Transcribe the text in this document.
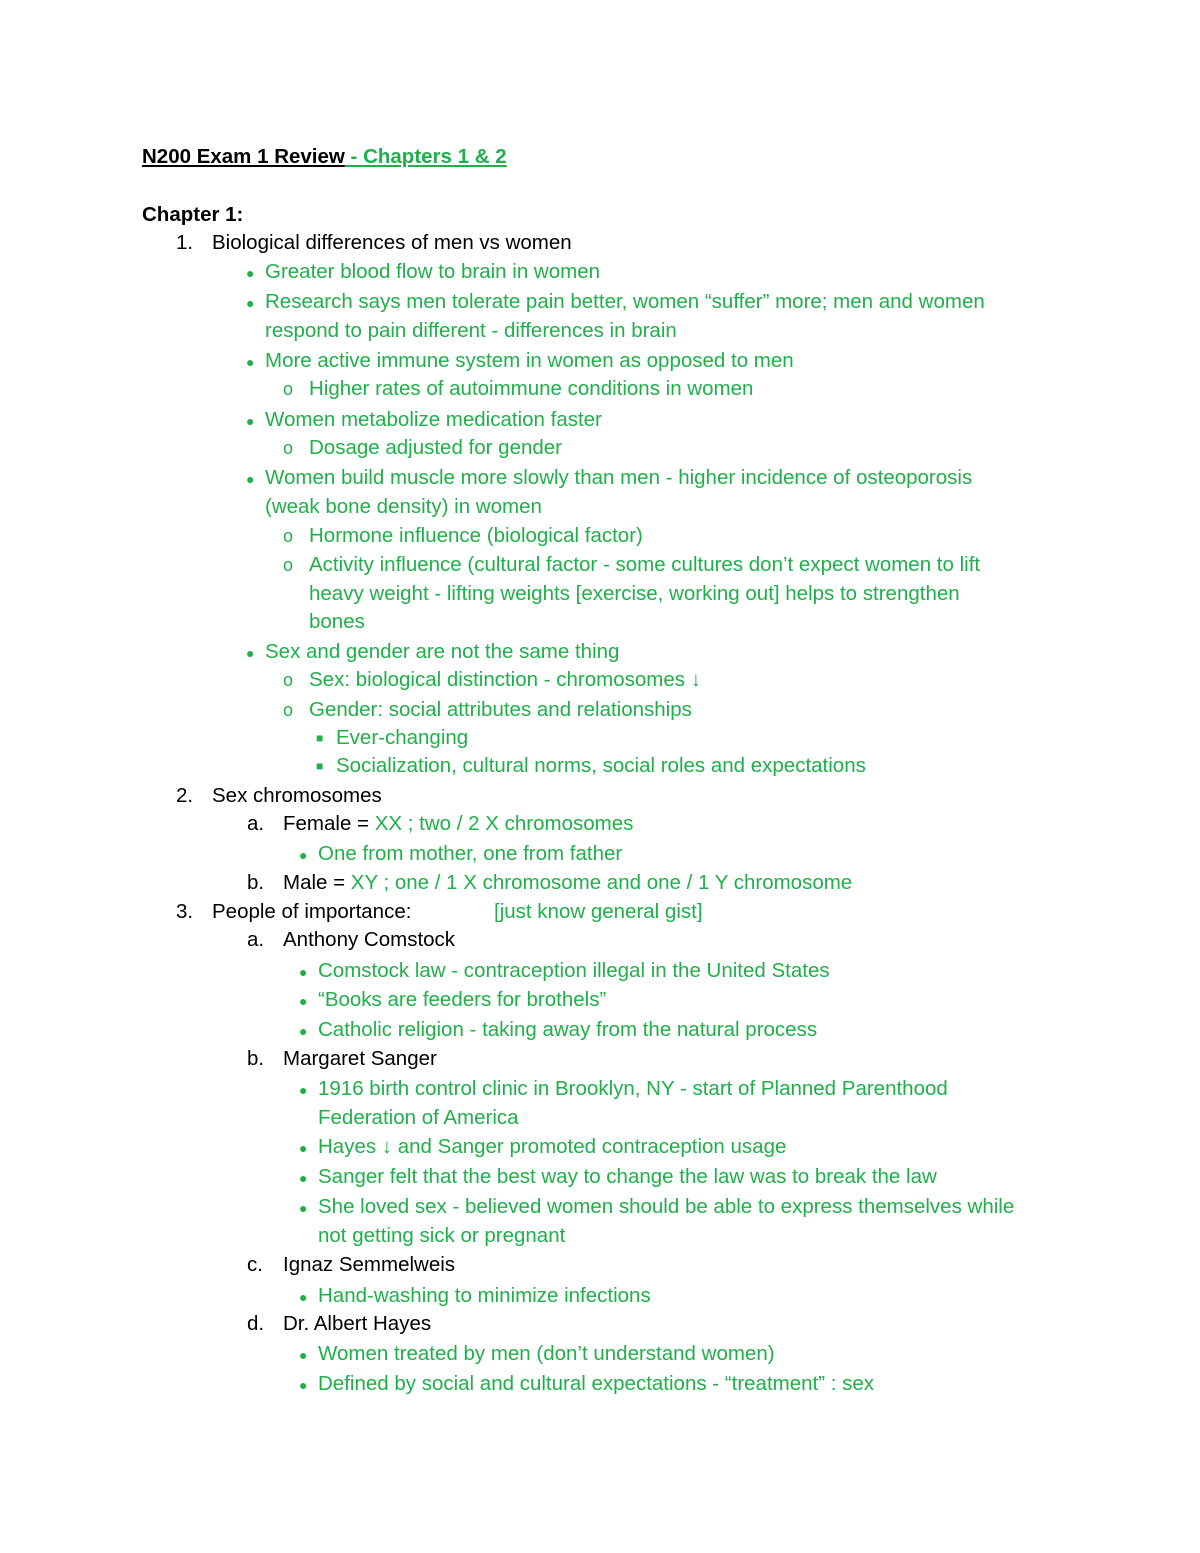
N200 Exam 1 Review - Chapters 1 & 2
Chapter 1:
1. Biological differences of men vs women
● Greater blood flow to brain in women
● Research says men tolerate pain better, women “suffer” more; men and women
respond to pain different - differences in brain
● More active immune system in women as opposed to men
o Higher rates of autoimmune conditions in women
● Women metabolize medication faster
o Dosage adjusted for gender
● Women build muscle more slowly than men - higher incidence of osteoporosis
(weak bone density) in women
o Hormone influence (biological factor)
o Activity influence (cultural factor - some cultures don’t expect women to lift
heavy weight - lifting weights [exercise, working out] helps to strengthen
bones
● Sex and gender are not the same thing
o Sex: biological distinction - chromosomes ↓
o Gender: social attributes and relationships
■ Ever-changing
■ Socialization, cultural norms, social roles and expectations
2. Sex chromosomes
a. Female = XX ; two / 2 X chromosomes
● One from mother, one from father
b. Male = XY ; one / 1 X chromosome and one / 1 Y chromosome
3. People of importance:	[just know general gist]
a. Anthony Comstock
● Comstock law - contraception illegal in the United States
● “Books are feeders for brothels”
● Catholic religion - taking away from the natural process
b. Margaret Sanger
● 1916 birth control clinic in Brooklyn, NY - start of Planned Parenthood
Federation of America
● Hayes ↓ and Sanger promoted contraception usage
● Sanger felt that the best way to change the law was to break the law
● She loved sex - believed women should be able to express themselves while
not getting sick or pregnant
c. Ignaz Semmelweis
● Hand-washing to minimize infections
d. Dr. Albert Hayes
● Women treated by men (don’t understand women)
● Defined by social and cultural expectations - “treatment” : sex
